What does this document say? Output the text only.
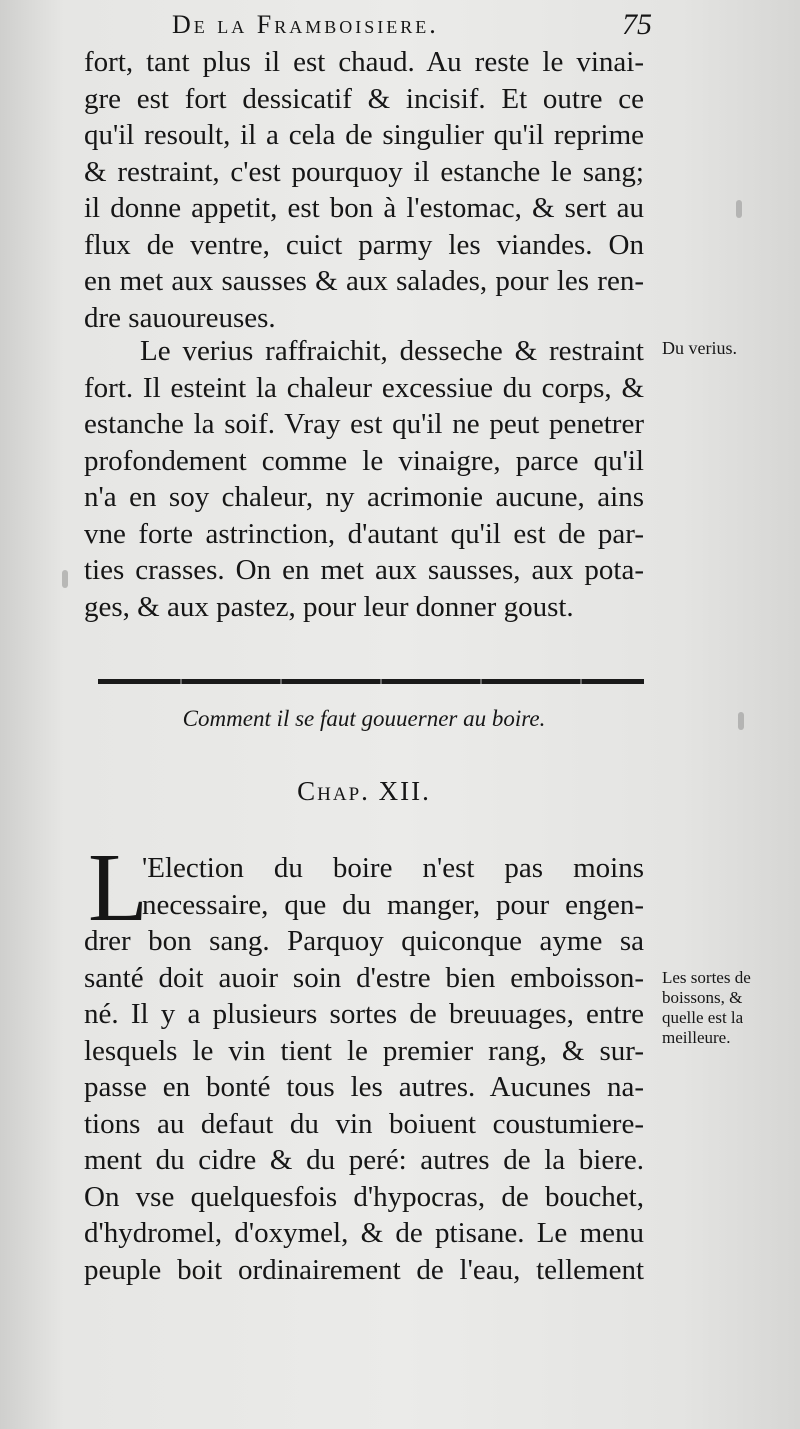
De la Framboisiere.	75
fort, tant plus il est chaud. Au reste le vinai-
gre est fort dessicatif & incisif. Et outre ce
qu'il resoult, il a cela de singulier qu'il reprime
& restraint, c'est pourquoy il estanche le sang;
il donne appetit, est bon à l'estomac, & sert au
flux de ventre, cuict parmy les viandes. On
en met aux sausses & aux salades, pour les ren-
dre sauoureuses.
Le verius raffraichit, desseche & restraint
fort. Il esteint la chaleur excessiue du corps, &
estanche la soif. Vray est qu'il ne peut penetrer
profondement comme le vinaigre, parce qu'il
n'a en soy chaleur, ny acrimonie aucune, ains
vne forte astrinction, d'autant qu'il est de par-
ties crasses. On en met aux sausses, aux pota-
ges, & aux pastez, pour leur donner goust.
Du verius.
Comment il se faut gouuerner au boire.
Chap. XII.
L
'Election du boire n'est pas moins
necessaire, que du manger, pour engen-
drer bon sang. Parquoy quiconque ayme sa
santé doit auoir soin d'estre bien emboisson-
né. Il y a plusieurs sortes de breuuages, entre
lesquels le vin tient le premier rang, & sur-
passe en bonté tous les autres. Aucunes na-
tions au defaut du vin boiuent coustumiere-
ment du cidre & du peré: autres de la biere.
On vse quelquesfois d'hypocras, de bouchet,
d'hydromel, d'oxymel, & de ptisane. Le menu
peuple boit ordinairement de l'eau, tellement
Les sortes de
boissons, &
quelle est la
meilleure.
